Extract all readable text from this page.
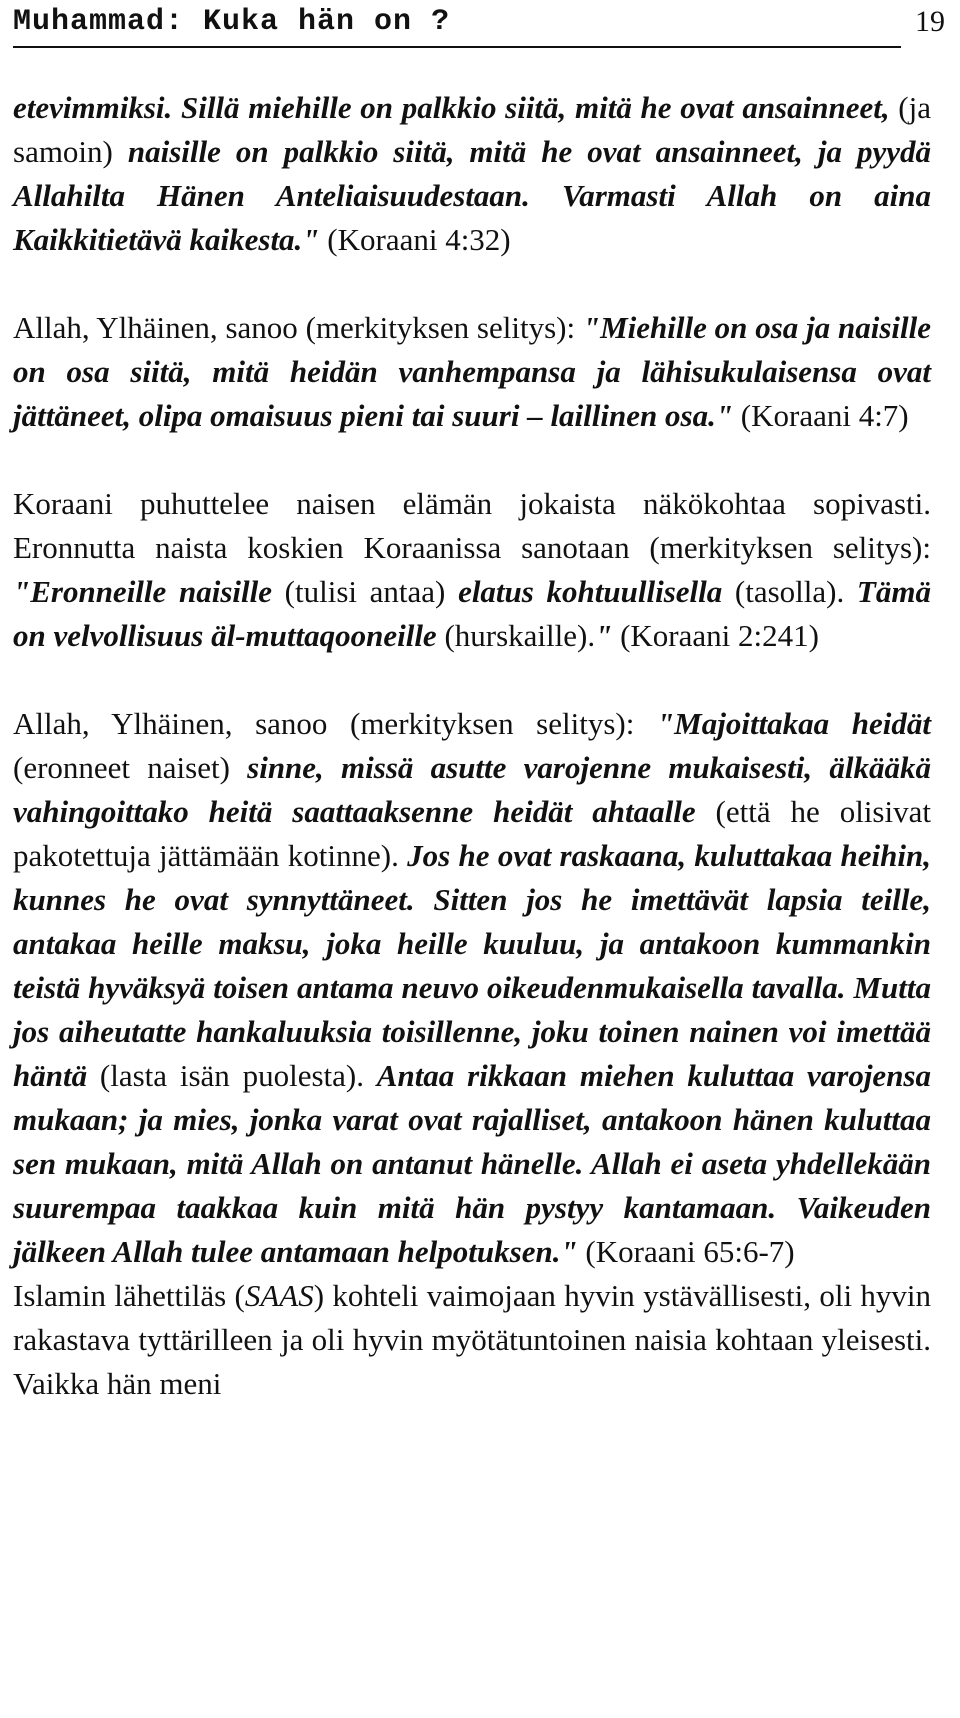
Muhammad: Kuka hän on ?	19

etevimmiksi. Sillä miehille on palkkio siitä, mitä he ovat ansainneet, (ja samoin) naisille on palkkio siitä, mitä he ovat ansainneet, ja pyydä Allahilta Hänen Anteliaisuudestaan. Varmasti Allah on aina Kaikkitietävä kaikesta." (Koraani 4:32)

Allah, Ylhäinen, sanoo (merkityksen selitys): "Miehille on osa ja naisille on osa siitä, mitä heidän vanhempansa ja lähisukulaisensa ovat jättäneet, olipa omaisuus pieni tai suuri – laillinen osa." (Koraani 4:7)

Koraani puhuttelee naisen elämän jokaista näkökohtaa sopivasti. Eronnutta naista koskien Koraanissa sanotaan (merkityksen selitys): "Eronneille naisille (tulisi antaa) elatus kohtuullisella (tasolla). Tämä on velvollisuus äl-muttaqooneille (hurskaille)." (Koraani 2:241)

Allah, Ylhäinen, sanoo (merkityksen selitys): "Majoittakaa heidät (eronneet naiset) sinne, missä asutte varojenne mukaisesti, älkääkä vahingoittako heitä saattaaksenne heidät ahtaalle (että he olisivat pakotettuja jättämään kotinne). Jos he ovat raskaana, kuluttakaa heihin, kunnes he ovat synnyttäneet. Sitten jos he imettävät lapsia teille, antakaa heille maksu, joka heille kuuluu, ja antakoon kummankin teistä hyväksyä toisen antama neuvo oikeudenmukaisella tavalla. Mutta jos aiheutatte hankaluuksia toisillenne, joku toinen nainen voi imettää häntä (lasta isän puolesta). Antaa rikkaan miehen kuluttaa varojensa mukaan; ja mies, jonka varat ovat rajalliset, antakoon hänen kuluttaa sen mukaan, mitä Allah on antanut hänelle. Allah ei aseta yhdellekään suurempaa taakkaa kuin mitä hän pystyy kantamaan. Vaikeuden jälkeen Allah tulee antamaan helpotuksen." (Koraani 65:6-7)

Islamin lähettiläs (SAAS) kohteli vaimojaan hyvin ystävällisesti, oli hyvin rakastava tyttärilleen ja oli hyvin myötätuntoinen naisia kohtaan yleisesti. Vaikka hän meni
